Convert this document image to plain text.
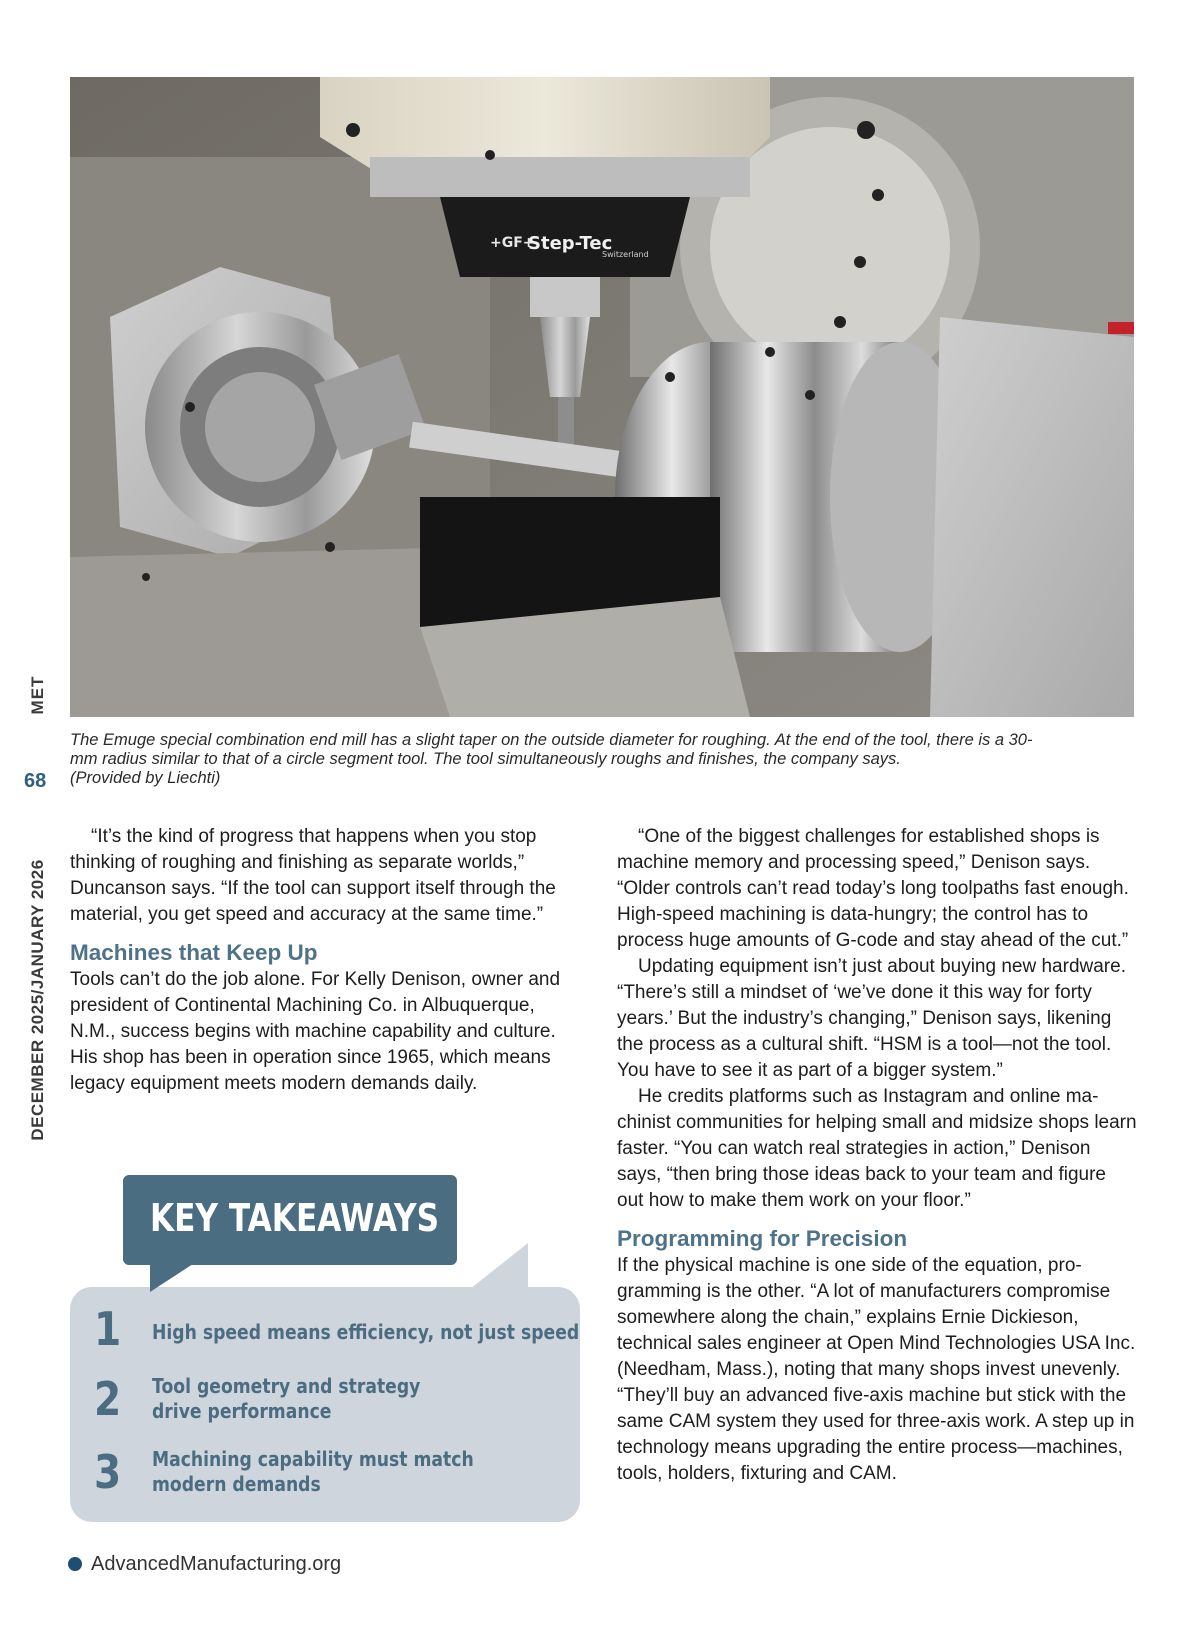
MET
68
DECEMBER 2025/JANUARY 2026
+GF+
Step-Tec
Switzerland

The Emuge special combination end mill has a slight taper on the outside diameter for roughing. At the end of the tool, there is a 30-

mm radius similar to that of a circle segment tool. The tool simultaneously roughs and finishes, the company says.

(Provided by Liechti)

“It’s the kind of progress that happens when you stop thinking of roughing and finishing as separate worlds,” Duncanson says. “If the tool can support itself through the material, you get speed and accuracy at the same time.”

Machines that Keep Up

Tools can’t do the job alone. For Kelly Denison, owner and president of Continental Machining Co. in Albuquerque, N.M., success begins with machine capability and culture. His shop has been in operation since 1965, which means legacy equipment meets modern demands daily.

“One of the biggest challenges for established shops is machine memory and processing speed,” Denison says. “Older controls can’t read today’s long toolpaths fast enough. High-speed machining is data-hungry; the control has to process huge amounts of G-code and stay ahead of the cut.”

Updating equipment isn’t just about buying new hardware. “There’s still a mindset of ‘we’ve done it this way for forty years.’ But the industry’s changing,” Denison says, likening the process as a cultural shift. “HSM is a tool—not the tool. You have to see it as part of a bigger system.”

He credits platforms such as Instagram and online machinist communities for helping small and midsize shops learn faster. “You can watch real strategies in action,” Denison says, “then bring those ideas back to your team and figure out how to make them work on your floor.”

Programming for Precision

If the physical machine is one side of the equation, programming is the other. “A lot of manufacturers compromise somewhere along the chain,” explains Ernie Dickieson, technical sales engineer at Open Mind Technologies USA Inc. (Needham, Mass.), noting that many shops invest unevenly. “They’ll buy an advanced five-axis machine but stick with the same CAM system they used for three-axis work. A step up in technology means upgrading the entire process—machines, tools, holders, fixturing and CAM.

KEY TAKEAWAYS
1 High speed means efficiency, not just speed
2 Tool geometry and strategy
drive performance
3 Machining capability must match
modern demands
AdvancedManufacturing.org
